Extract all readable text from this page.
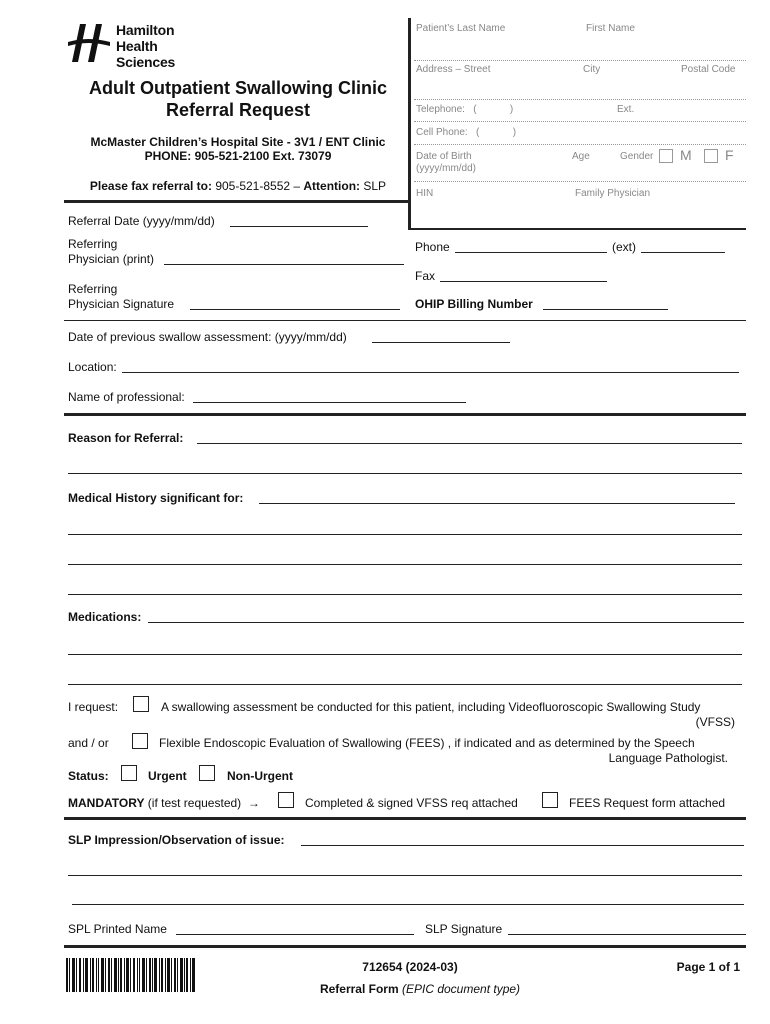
Hamilton
Health
Sciences
Adult Outpatient Swallowing Clinic
Referral Request
McMaster Children’s Hospital Site - 3V1 / ENT Clinic
PHONE: 905-521-2100 Ext. 73079
Please fax referral to: 905-521-8552 – Attention: SLP
Patient’s Last Name	First Name
Address – Street	City	Postal Code
Telephone:   (            )	Ext.
Cell Phone:   (            )
Date of Birth
(yyyy/mm/dd)
Age	Gender M F
HIN	Family Physician
Referral Date (yyyy/mm/dd)
Referring
Physician (print)
Phone	(ext)
Fax
Referring
Physician Signature	OHIP Billing Number
Date of previous swallow assessment: (yyyy/mm/dd)
Location:
Name of professional:
Reason for Referral:
Medical History significant for:
Medications:
I request:	A swallowing assessment be conducted for this patient, including Videofluoroscopic Swallowing Study
(VFSS)
and / or	Flexible Endoscopic Evaluation of Swallowing (FEES) , if indicated and as determined by the Speech
Language Pathologist.
Status:	Urgent	Non-Urgent
MANDATORY (if test requested)  →	Completed & signed VFSS req attached	FEES Request form attached
SLP Impression/Observation of issue:
SPL Printed Name	SLP Signature
712654 (2024-03)
Referral Form (EPIC document type)
Page 1 of 1
